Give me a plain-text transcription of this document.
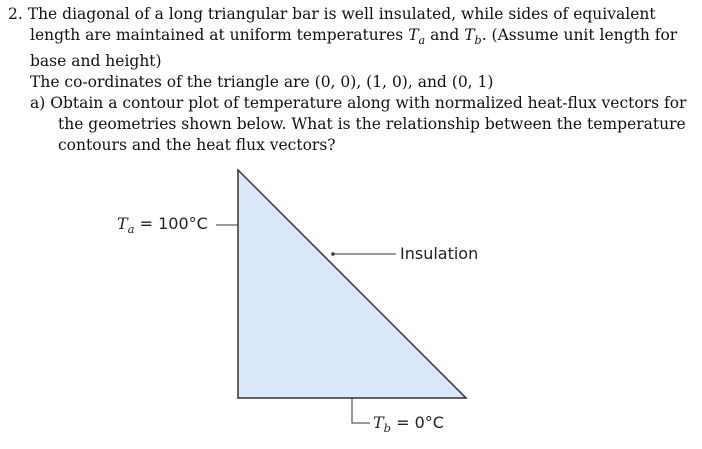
2. The diagonal of a long triangular bar is well insulated, while sides of equivalent
length are maintained at uniform temperatures $T_a$ and $T_b$. (Assume unit length for
base and height)
The co-ordinates of the triangle are (0, 0), (1, 0), and (0, 1)
a) Obtain a contour plot of temperature along with normalized heat-flux vectors for
the geometries shown below. What is the relationship between the temperature
contours and the heat flux vectors?
$T_a = 100^\circ C$
Insulation
$T_b = 0^\circ C$
